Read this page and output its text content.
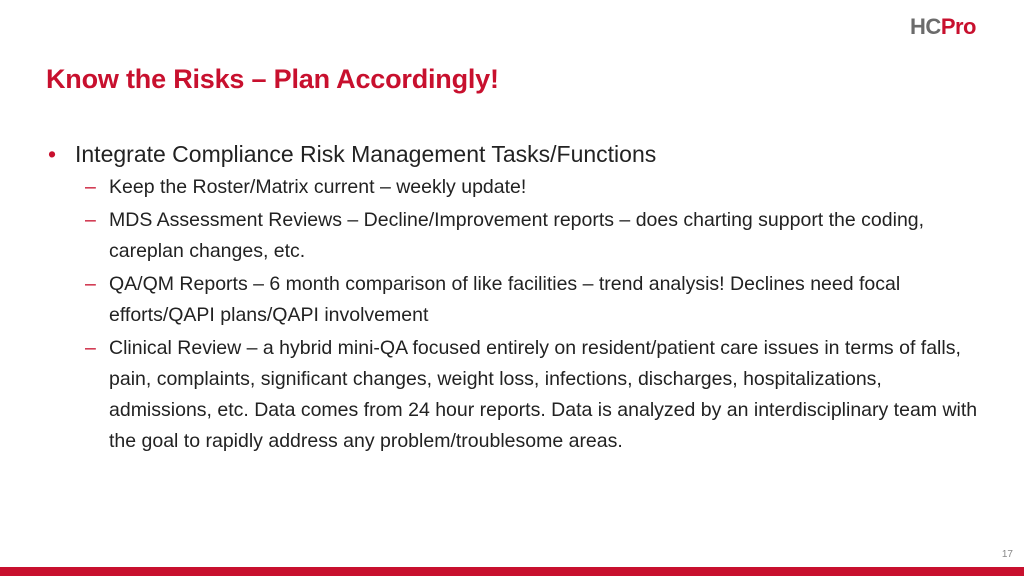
HCPro
Know the Risks – Plan Accordingly!
• Integrate Compliance Risk Management Tasks/Functions
– Keep the Roster/Matrix current – weekly update!
– MDS Assessment Reviews – Decline/Improvement reports – does charting support the coding, careplan changes, etc.
– QA/QM Reports – 6 month comparison of like facilities – trend analysis! Declines need focal efforts/QAPI plans/QAPI involvement
– Clinical Review – a hybrid mini-QA focused entirely on resident/patient care issues in terms of falls, pain, complaints, significant changes, weight loss, infections, discharges, hospitalizations, admissions, etc. Data comes from 24 hour reports. Data is analyzed by an interdisciplinary team with the goal to rapidly address any problem/troublesome areas.
17
